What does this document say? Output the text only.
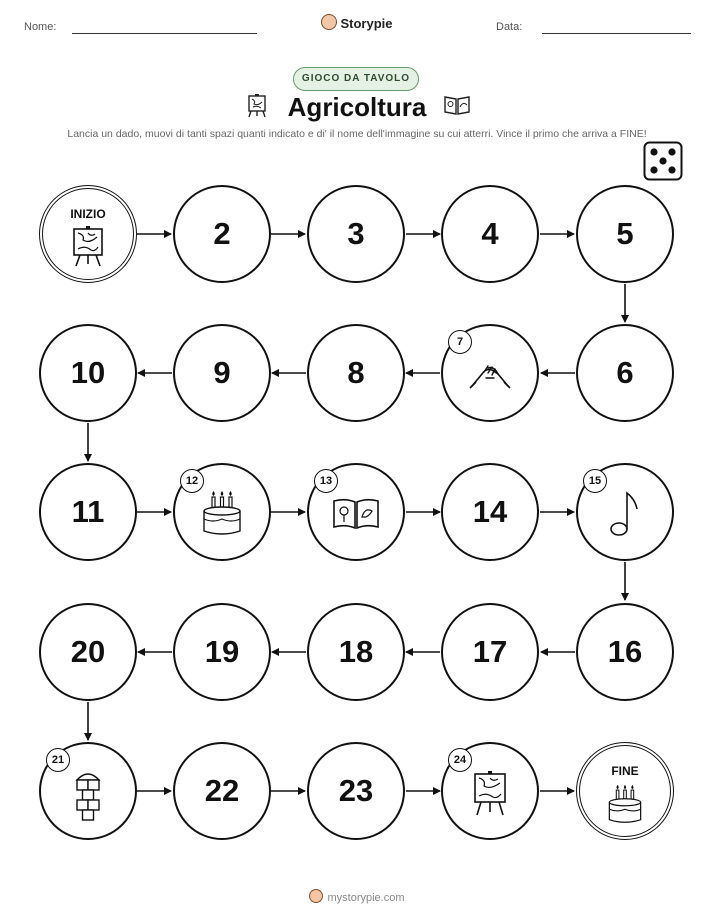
Nome:	Storypie	Data:
GIOCO DA TAVOLO
Agricoltura
Lancia un dado, muovi di tanti spazi quanti indicato e di' il nome dell'immagine su cui atterri. Vince il primo che arriva a FINE!
INIZIO
2	3	4	5
10	9	8
7
6
11
12	13
14
15
20	19	18	17	16
21
22	23
24
FINE
mystorypie.com
